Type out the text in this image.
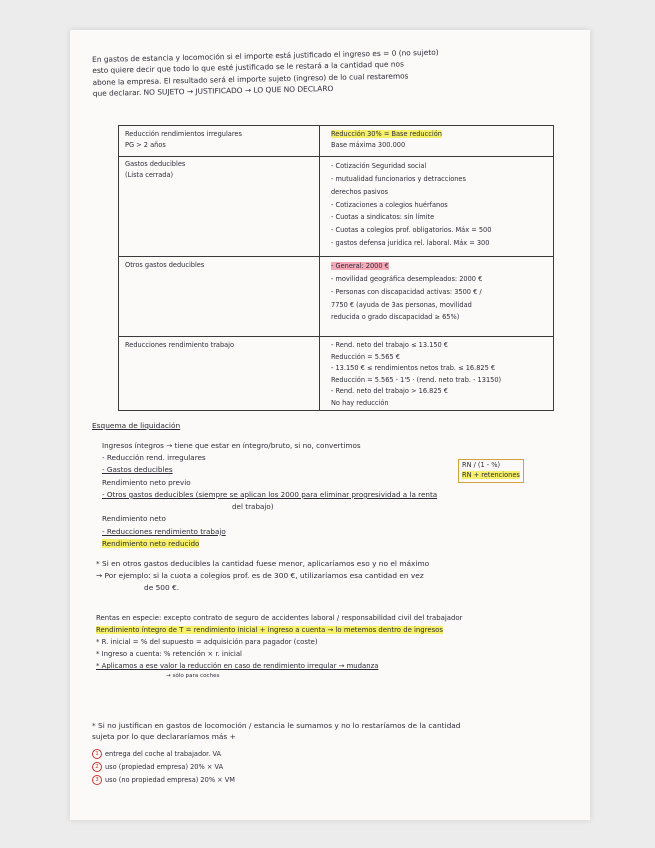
En gastos de estancia y locomoción si el importe está justificado el ingreso es = 0 (no sujeto)
esto quiere decir que todo lo que esté justificado se le restará a la cantidad que nos
abone la empresa. El resultado será el importe sujeto (ingreso) de lo cual restaremos
que declarar. NO SUJETO → JUSTIFICADO → LO QUE NO DECLARO
Reducción rendimientos irregulares
PG > 2 años
Reducción 30% = Base reducción
Base máxima 300.000
Gastos deducibles
(Lista cerrada)
- Cotización Seguridad social
- mutualidad funcionarios y detracciones
derechos pasivos
- Cotizaciones a colegios huérfanos
- Cuotas a sindicatos: sin límite
- Cuotas a colegios prof. obligatorios. Máx = 500
- gastos defensa jurídica rel. laboral. Máx = 300
Otros gastos deducibles	- General: 2000 €
- movilidad geográfica desempleados: 2000 €
- Personas con discapacidad activas: 3500 € /
7750 € (ayuda de 3as personas, movilidad
reducida o grado discapacidad ≥ 65%)
Reducciones rendimiento trabajo	- Rend. neto del trabajo ≤ 13.150 €
Reducción = 5.565 €
- 13.150 € ≤ rendimientos netos trab. ≤ 16.825 €
Reducción = 5.565 - 1'5 · (rend. neto trab. - 13150)
- Rend. neto del trabajo > 16.825 €
No hay reducción
Esquema de liquidación
Ingresos íntegros → tiene que estar en íntegro/bruto, si no, convertimos
- Reducción rend. irregulares
- Gastos deducibles
Rendimiento neto previo
- Otros gastos deducibles (siempre se aplican los 2000 para eliminar progresividad a la renta
del trabajo)
Rendimiento neto
- Reducciones rendimiento trabajo
Rendimiento neto reducido
RN / (1 - %)
RN + retenciones
* Si en otros gastos deducibles la cantidad fuese menor, aplicaríamos eso y no el máximo
→ Por ejemplo: si la cuota a colegios prof. es de 300 €, utilizaríamos esa cantidad en vez
de 500 €.
Rentas en especie: excepto contrato de seguro de accidentes laboral / responsabilidad civil del trabajador
Rendimiento íntegro de T = rendimiento inicial + ingreso a cuenta → lo metemos dentro de ingresos
* R. inicial = % del supuesto = adquisición para pagador (coste)
* Ingreso a cuenta: % retención × r. inicial
* Aplicamos a ese valor la reducción en caso de rendimiento irregular → mudanza
→ sólo para coches
* Si no justifican en gastos de locomoción / estancia le sumamos y no lo restaríamos de la cantidad
sujeta por lo que declararíamos más +
1 entrega del coche al trabajador. VA
2 uso (propiedad empresa) 20% × VA
3 uso (no propiedad empresa) 20% × VM
